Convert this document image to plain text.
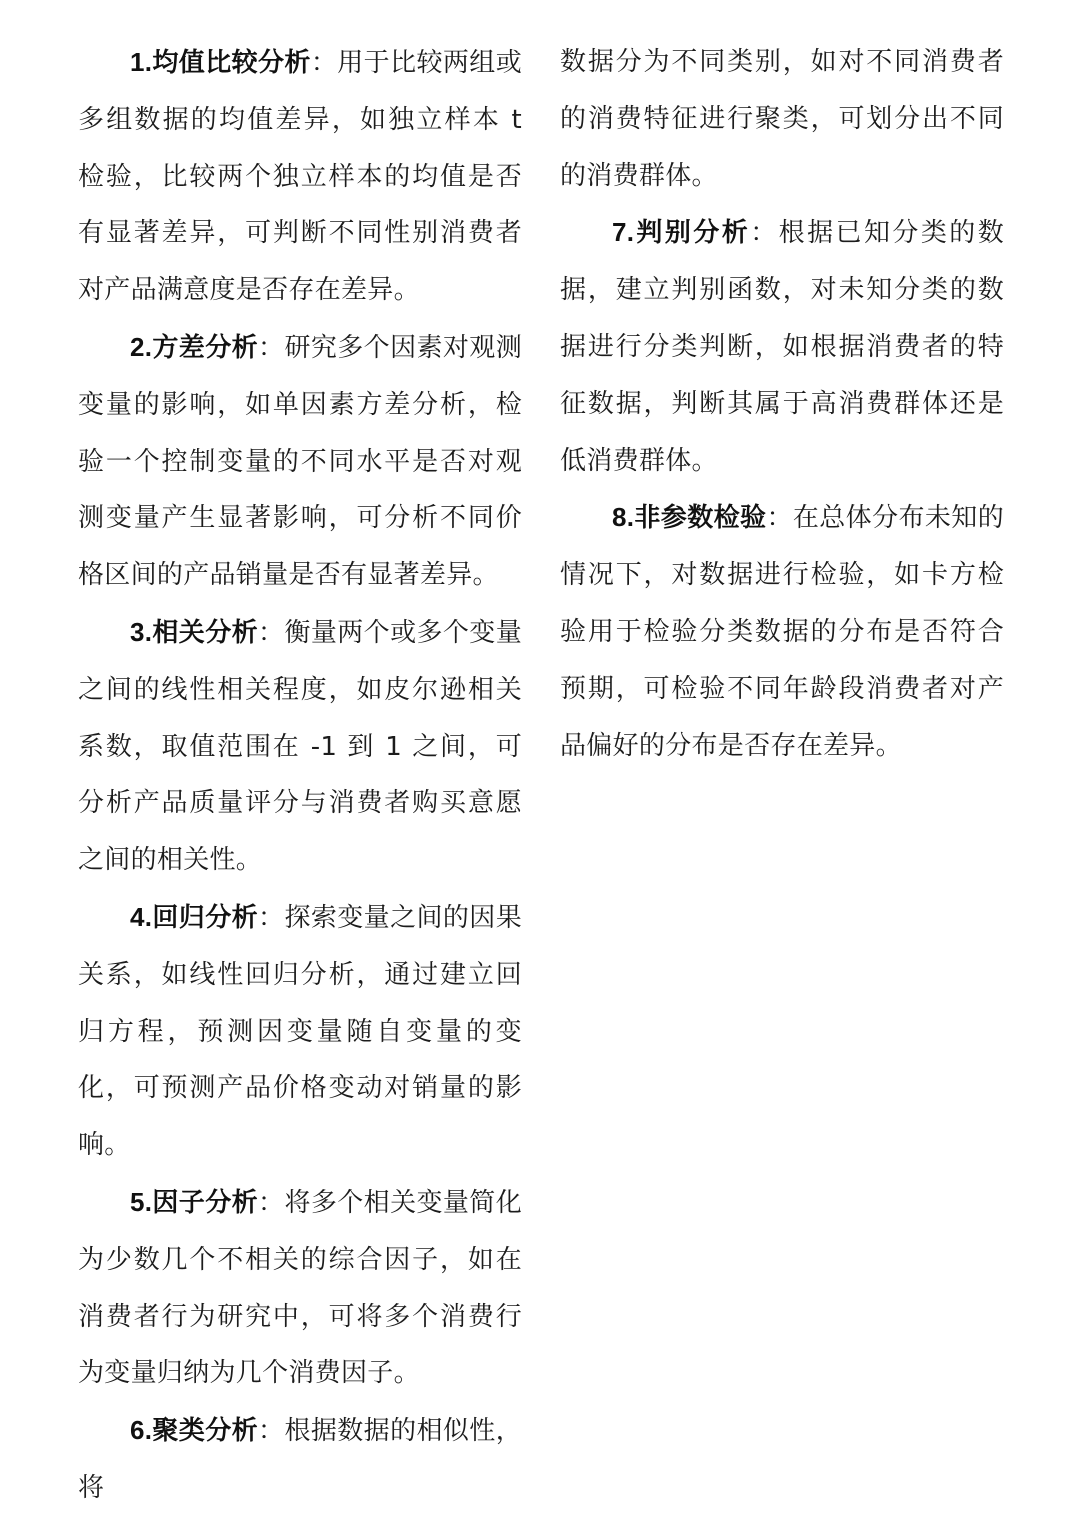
1.均值比较分析：用于比较两组或多组数据的均值差异，如独立样本 t 检验，比较两个独立样本的均值是否有显著差异，可判断不同性别消费者对产品满意度是否存在差异。

2.方差分析：研究多个因素对观测变量的影响，如单因素方差分析，检验一个控制变量的不同水平是否对观测变量产生显著影响，可分析不同价格区间的产品销量是否有显著差异。

3.相关分析：衡量两个或多个变量之间的线性相关程度，如皮尔逊相关系数，取值范围在 -1 到 1 之间，可分析产品质量评分与消费者购买意愿之间的相关性。

4.回归分析：探索变量之间的因果关系，如线性回归分析，通过建立回归方程，预测因变量随自变量的变化，可预测产品价格变动对销量的影响。

5.因子分析：将多个相关变量简化为少数几个不相关的综合因子，如在消费者行为研究中，可将多个消费行为变量归纳为几个消费因子。

6.聚类分析：根据数据的相似性，将

数据分为不同类别，如对不同消费者的消费特征进行聚类，可划分出不同的消费群体。

7.判别分析：根据已知分类的数据，建立判别函数，对未知分类的数据进行分类判断，如根据消费者的特征数据，判断其属于高消费群体还是低消费群体。

8.非参数检验：在总体分布未知的情况下，对数据进行检验，如卡方检验用于检验分类数据的分布是否符合预期，可检验不同年龄段消费者对产品偏好的分布是否存在差异。
